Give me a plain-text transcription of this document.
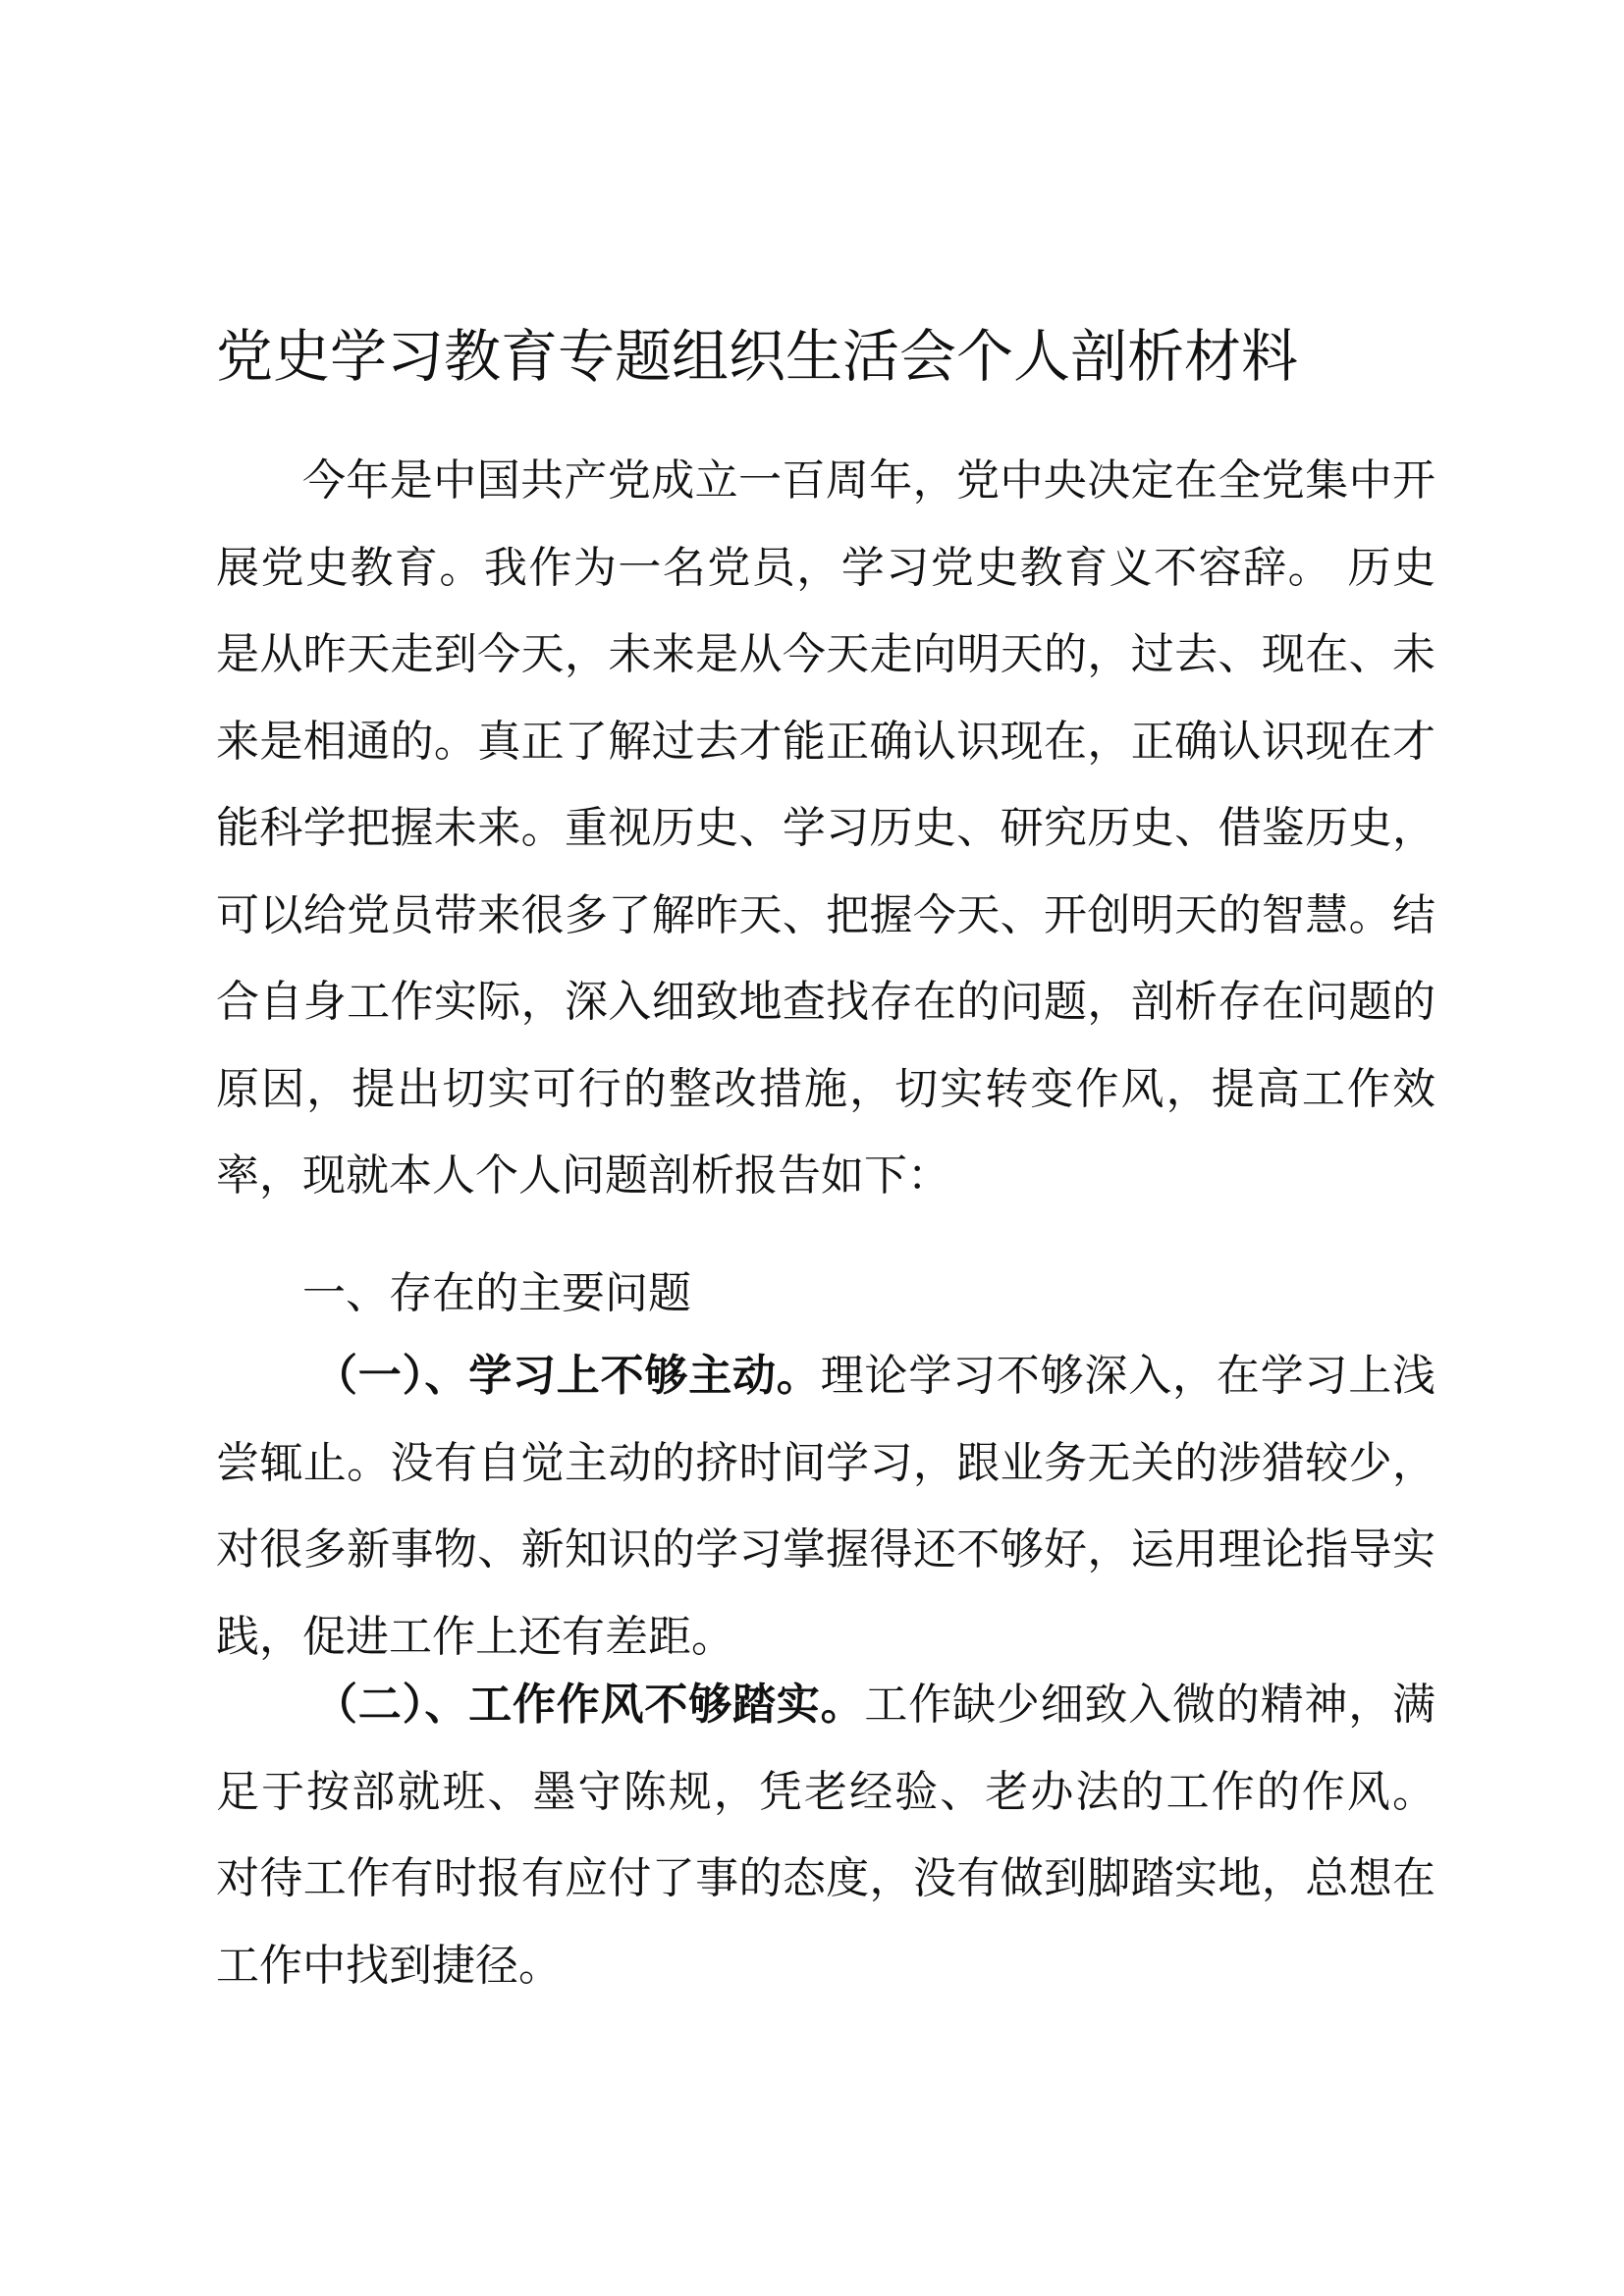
党史学习教育专题组织生活会个人剖析材料

今年是中国共产党成立一百周年，党中央决定在全党集中开展党史教育。我作为一名党员，学习党史教育义不容辞。 历史是从昨天走到今天，未来是从今天走向明天的，过去、现在、未来是相通的。真正了解过去才能正确认识现在，正确认识现在才能科学把握未来。重视历史、学习历史、研究历史、借鉴历史，可以给党员带来很多了解昨天、把握今天、开创明天的智慧。结合自身工作实际，深入细致地查找存在的问题，剖析存在问题的原因，提出切实可行的整改措施，切实转变作风，提高工作效率，现就本人个人问题剖析报告如下：

一、存在的主要问题

（一）、学习上不够主动。理论学习不够深入，在学习上浅尝辄止。没有自觉主动的挤时间学习，跟业务无关的涉猎较少，对很多新事物、新知识的学习掌握得还不够好，运用理论指导实践，促进工作上还有差距。

（二）、工作作风不够踏实。工作缺少细致入微的精神，满足于按部就班、墨守陈规，凭老经验、老办法的工作的作风。 对待工作有时报有应付了事的态度，没有做到脚踏实地，总想在工作中找到捷径。
